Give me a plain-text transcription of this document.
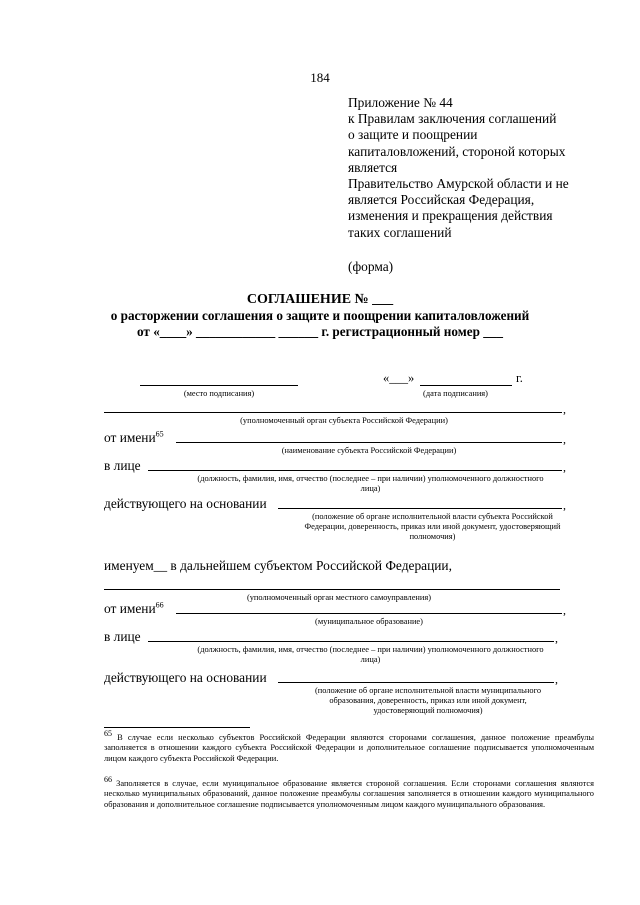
184
Приложение № 44
к Правилам заключения соглашений
о защите и поощрении
капиталовложений, стороной которых
является
Правительство Амурской области и не
является Российская Федерация,
изменения и прекращения действия
таких соглашений
(форма)
СОГЛАШЕНИЕ № ___
о расторжении соглашения о защите и поощрении капиталовложений
от «____» ____________ ______ г. регистрационный номер ___
(место подписания)
«___»	г.
(дата подписания)
,
(уполномоченный орган субъекта Российской Федерации)
от имени$^{65}$	,
(наименование субъекта Российской Федерации)
в лице	,
(должность, фамилия, имя, отчество (последнее – при наличии) уполномоченного должностного
лица)
действующего на основании	,
(положение об органе исполнительной власти субъекта Российской
Федерации, доверенность, приказ или иной документ, удостоверяющий
полномочия)
именуем__ в дальнейшем субъектом Российской Федерации,
(уполномоченный орган местного самоуправления)
от имени$^{66}$	,
(муниципальное образование)
в лице	,
(должность, фамилия, имя, отчество (последнее – при наличии) уполномоченного должностного
лица)
действующего на основании	,
(положение об органе исполнительной власти муниципального
образования, доверенность, приказ или иной документ,
удостоверяющий полномочия)
$^{65}$ В случае если несколько субъектов Российской Федерации являются сторонами соглашения, данное положение преамбулы заполняется в отношении каждого субъекта Российской Федерации и дополнительное соглашение подписывается уполномоченным лицом каждого субъекта Российской Федерации.
$^{66}$ Заполняется в случае, если муниципальное образование является стороной соглашения. Если сторонами соглашения являются несколько муниципальных образований, данное положение преамбулы соглашения заполняется в отношении каждого муниципального образования и дополнительное соглашение подписывается уполномоченным лицом каждого муниципального образования.
